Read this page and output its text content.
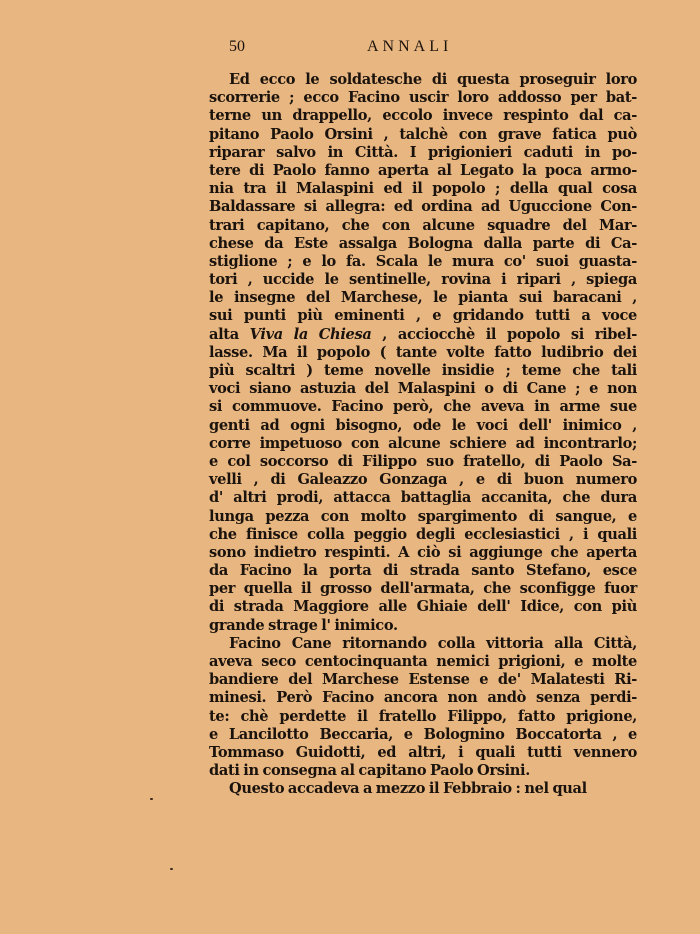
50	ANNALI
Ed ecco le soldatesche di questa proseguir loro
scorrerie ; ecco Facino uscir loro addosso per bat-
terne un drappello, eccolo invece respinto dal ca-
pitano Paolo Orsini , talchè con grave fatica può
riparar salvo in Città. I prigionieri caduti in po-
tere di Paolo fanno aperta al Legato la poca armo-
nia tra il Malaspini ed il popolo ; della qual cosa
Baldassare si allegra: ed ordina ad Uguccione Con-
trari capitano, che con alcune squadre del Mar-
chese da Este assalga Bologna dalla parte di Ca-
stiglione ; e lo fa. Scala le mura co' suoi guasta-
tori , uccide le sentinelle, rovina i ripari , spiega
le insegne del Marchese, le pianta sui baracani ,
sui punti più eminenti , e gridando tutti a voce
alta Viva la Chiesa , acciocchè il popolo si ribel-
lasse. Ma il popolo ( tante volte fatto ludibrio dei
più scaltri ) teme novelle insidie ; teme che tali
voci siano astuzia del Malaspini o di Cane ; e non
si commuove. Facino però, che aveva in arme sue
genti ad ogni bisogno, ode le voci dell' inimico ,
corre impetuoso con alcune schiere ad incontrarlo;
e col soccorso di Filippo suo fratello, di Paolo Sa-
velli , di Galeazzo Gonzaga , e di buon numero
d' altri prodi, attacca battaglia accanita, che dura
lunga pezza con molto spargimento di sangue, e
che finisce colla peggio degli ecclesiastici , i quali
sono indietro respinti. A ciò si aggiunge che aperta
da Facino la porta di strada santo Stefano, esce
per quella il grosso dell'armata, che sconfigge fuor
di strada Maggiore alle Ghiaie dell' Idice, con più
grande strage l' inimico.
Facino Cane ritornando colla vittoria alla Città,
aveva seco centocinquanta nemici prigioni, e molte
bandiere del Marchese Estense e de' Malatesti Ri-
minesi. Però Facino ancora non andò senza perdi-
te: chè perdette il fratello Filippo, fatto prigione,
e Lancilotto Beccaria, e Bolognino Boccatorta , e
Tommaso Guidotti, ed altri, i quali tutti vennero
dati in consegna al capitano Paolo Orsini.
Questo accadeva a mezzo il Febbraio : nel qual
